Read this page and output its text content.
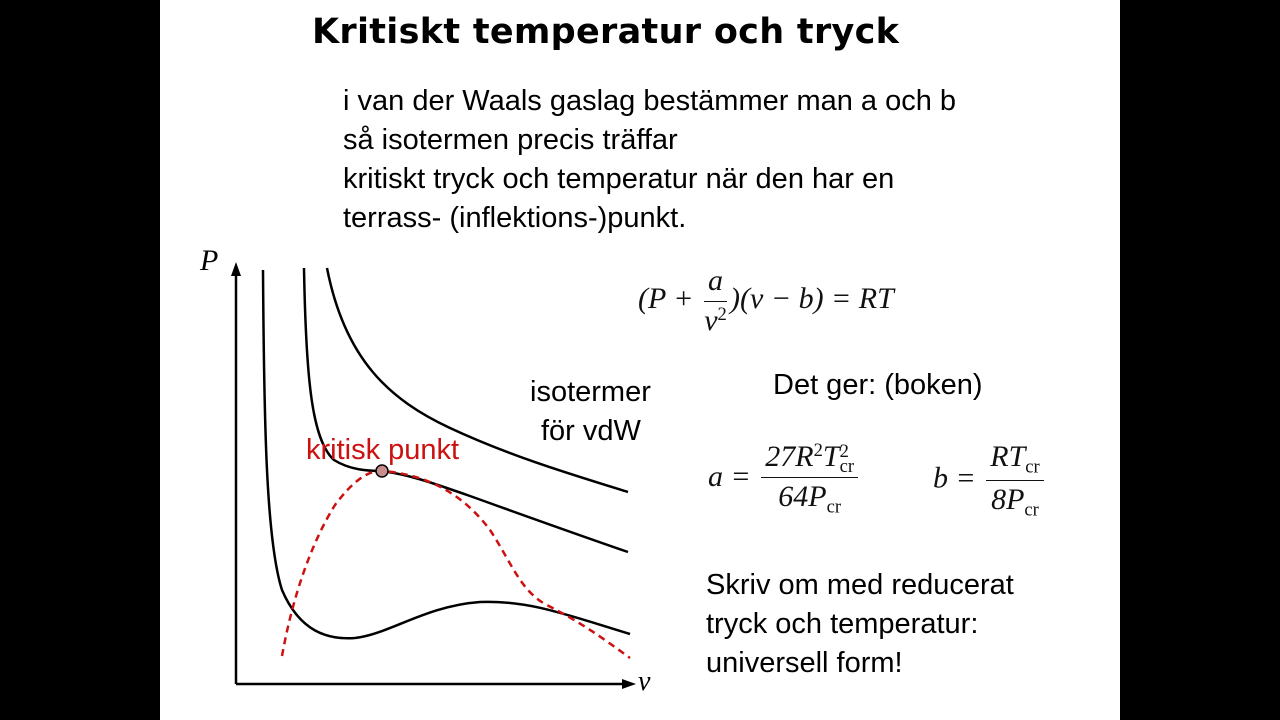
Kritiskt temperatur och tryck
i van der Waals gaslag bestämmer man a och b
så isotermen precis träffar
kritiskt tryck och temperatur när den har en
terrass- (inflektions-)punkt.
P
v
kritisk punkt
isotermer
för vdW
$(P + \frac{a}{v^2} )(v - b)$ = RT
Det ger: (boken)
$a = 27R^2T$ 2
cr
$64P_{cr}$ $b = \frac{RT_{cr}}{8P_{cr}}$
Skriv om med reducerat
tryck och temperatur:
universell form!
